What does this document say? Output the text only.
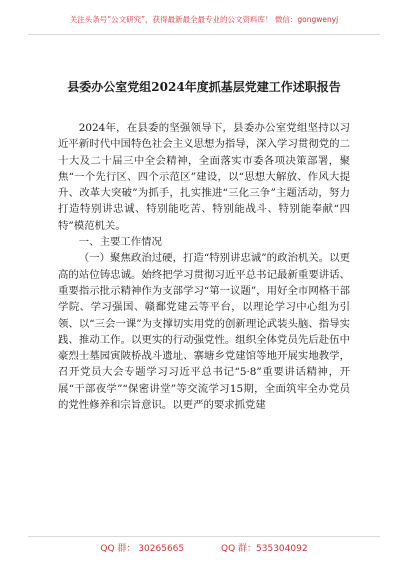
关注头条号“公文研究”，获得最新最全最专业的公文资料库！ 微信：gongwenyj
县委办公室党组2024年度抓基层党建工作述职报告

2024年，在县委的坚强领导下，县委办公室党组坚持以习近平新时代中国特色社会主义思想为指导，深入学习贯彻党的二十大及二十届三中全会精神，全面落实市委各项决策部署，聚焦“一个先行区、四个示范区”建设，以“思想大解放、作风大提升、改革大突破”为抓手，扎实推进“三化三争”主题活动，努力打造特别讲忠诚、特别能吃苦、特别能战斗、特别能奉献“四特”模范机关。

一、主要工作情况

（一）聚焦政治过硬，打造“特别讲忠诚”的政治机关。以更高的站位铸忠诚。始终把学习贯彻习近平总书记最新重要讲话、重要指示批示精神作为支部学习“第一议题”，用好全市网格干部学院、学习强国、赣鄱党建云等平台，以理论学习中心组为引领、以“三会一课”为支撑切实用党的创新理论武装头脑、指导实践、推动工作。以更实的行动强党性。组织全体党员先后赴伍中豪烈士墓园寅陂桥战斗遗址、寨塘乡党建馆等地开展实地教学，召开党员大会专题学习习近平总书记“5·8”重要讲话精神，开展“干部夜学”“保密讲堂”等交流学习15期，全面筑牢全办党员的党性修养和宗旨意识。以更严的要求抓党建

QQ 群： 30265665	QQ 群：535304092
